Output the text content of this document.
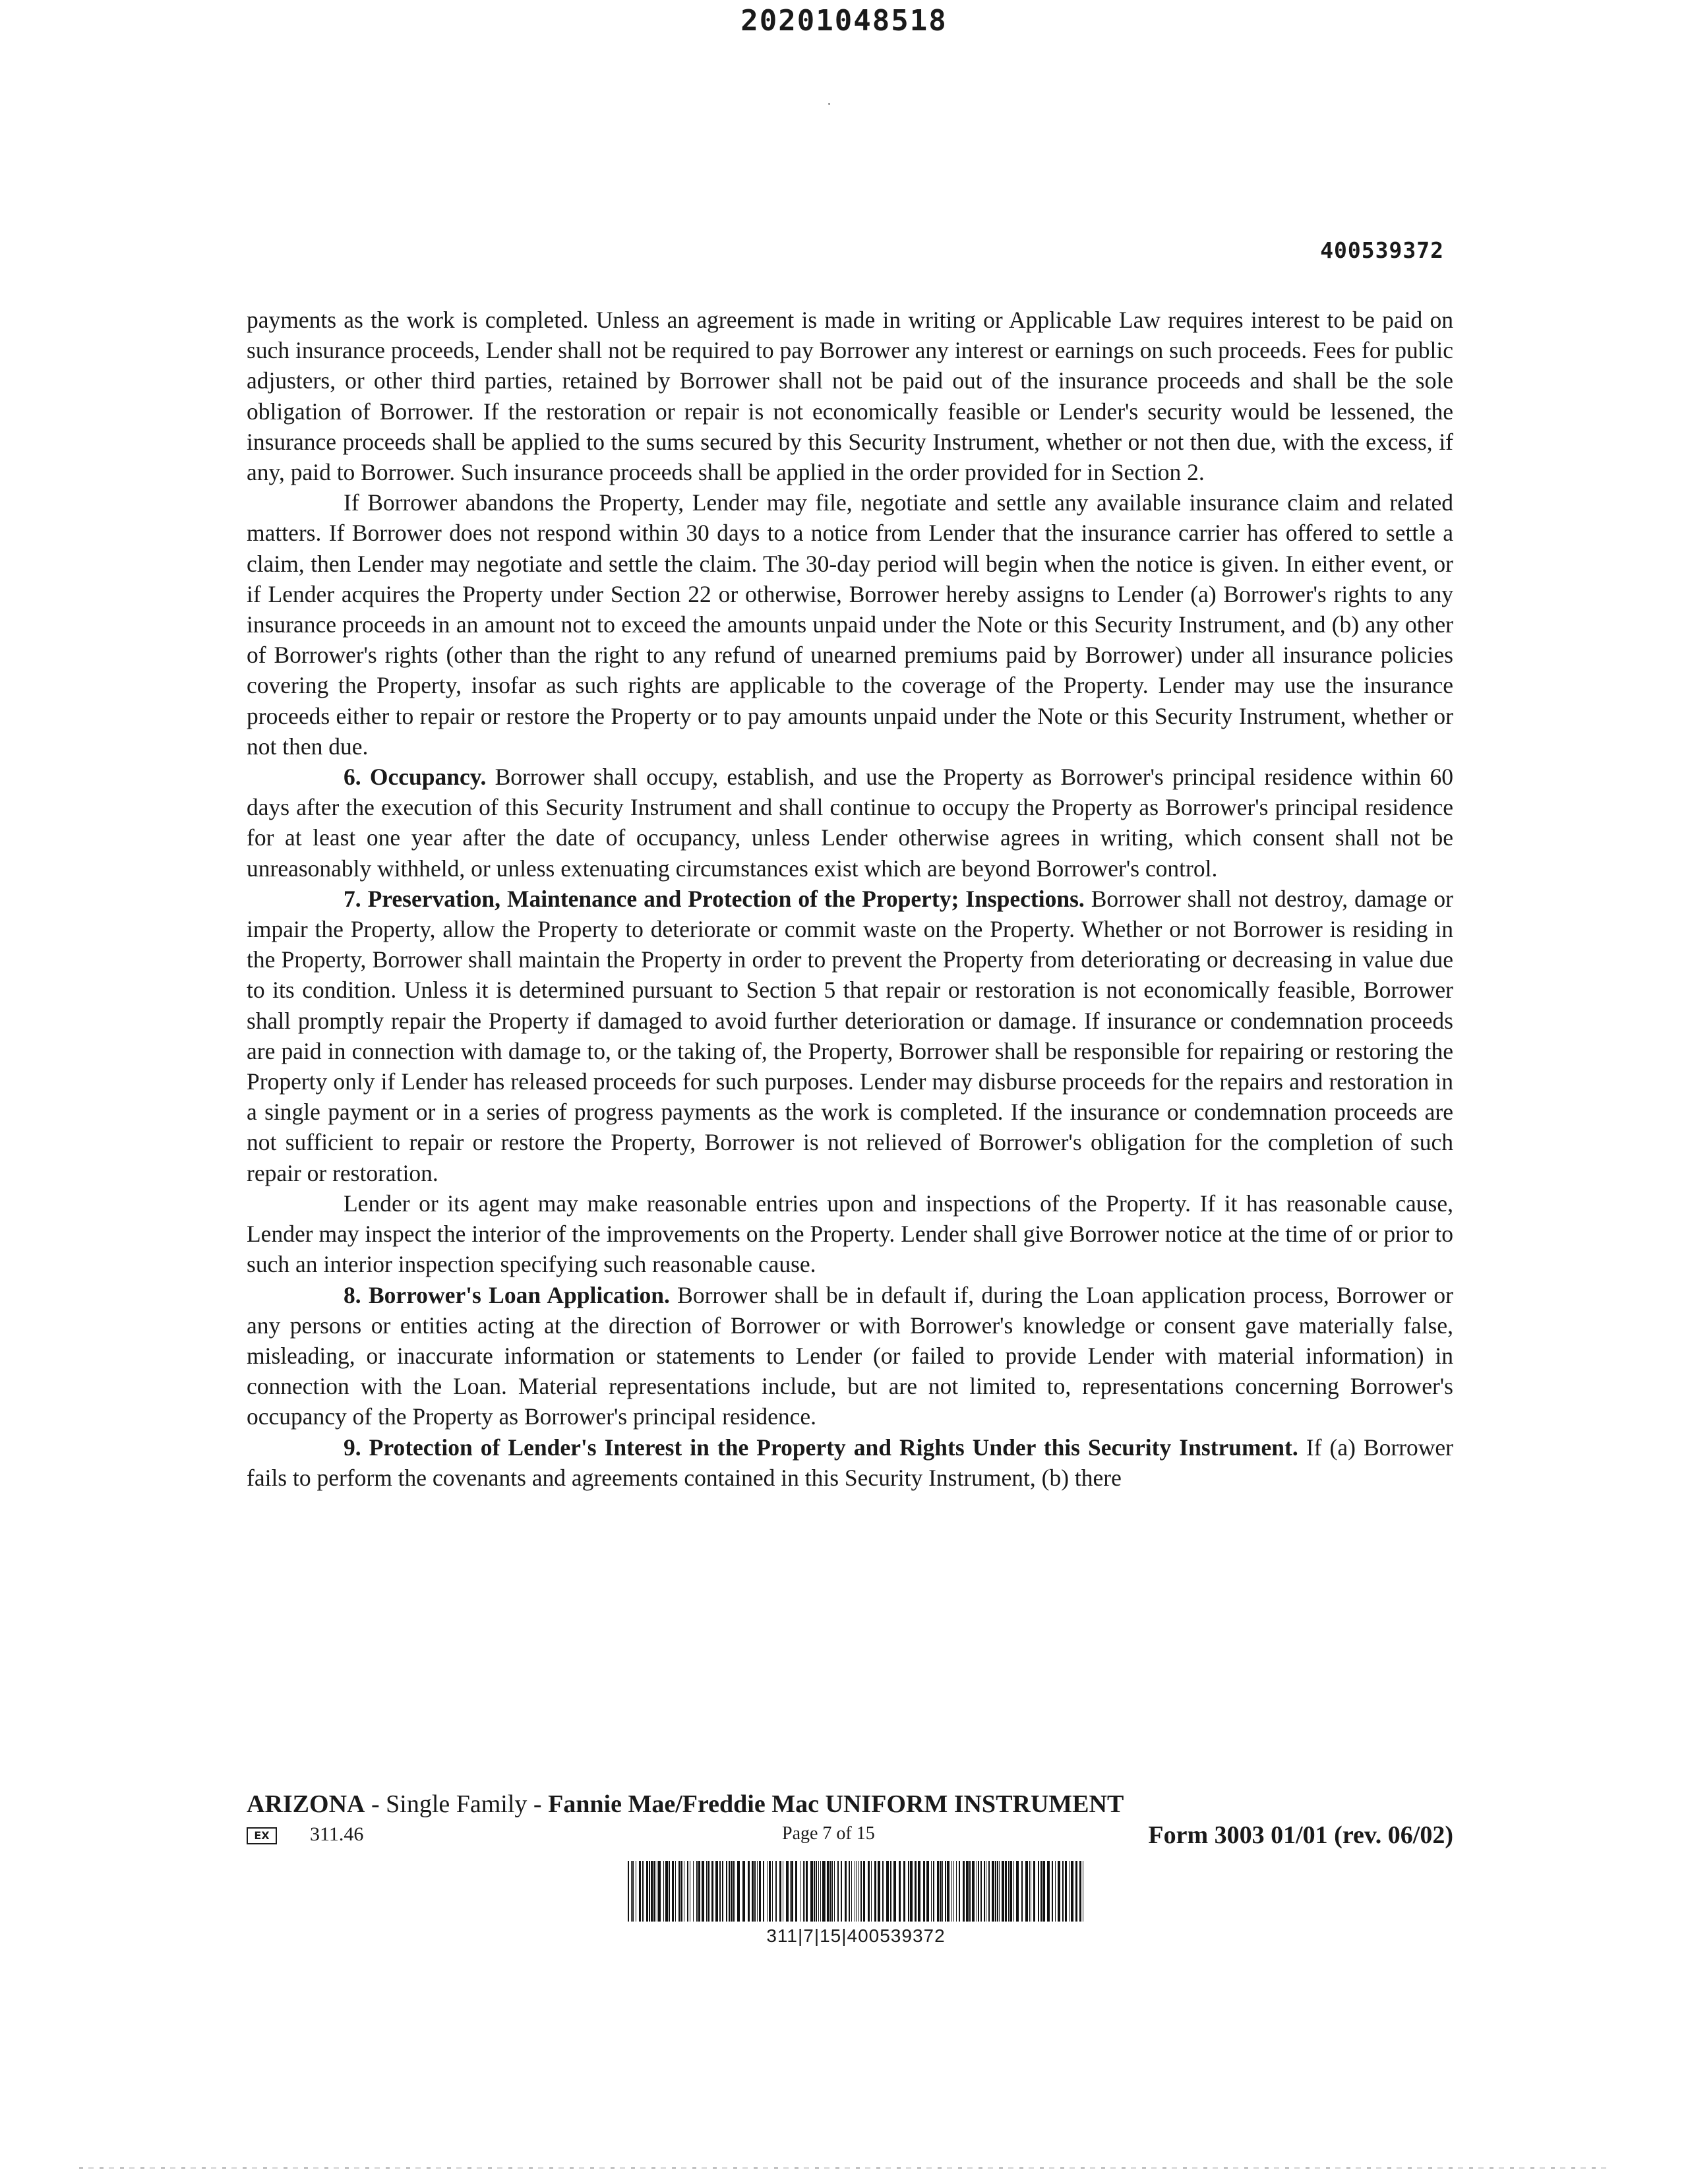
20201048518
400539372

payments as the work is completed. Unless an agreement is made in writing or Applicable Law requires interest to be paid on such insurance proceeds, Lender shall not be required to pay Borrower any interest or earnings on such proceeds. Fees for public adjusters, or other third parties, retained by Borrower shall not be paid out of the insurance proceeds and shall be the sole obligation of Borrower. If the restoration or repair is not economically feasible or Lender's security would be lessened, the insurance proceeds shall be applied to the sums secured by this Security Instrument, whether or not then due, with the excess, if any, paid to Borrower. Such insurance proceeds shall be applied in the order provided for in Section 2.

If Borrower abandons the Property, Lender may file, negotiate and settle any available insurance claim and related matters. If Borrower does not respond within 30 days to a notice from Lender that the insurance carrier has offered to settle a claim, then Lender may negotiate and settle the claim. The 30-day period will begin when the notice is given. In either event, or if Lender acquires the Property under Section 22 or otherwise, Borrower hereby assigns to Lender (a) Borrower's rights to any insurance proceeds in an amount not to exceed the amounts unpaid under the Note or this Security Instrument, and (b) any other of Borrower's rights (other than the right to any refund of unearned premiums paid by Borrower) under all insurance policies covering the Property, insofar as such rights are applicable to the coverage of the Property. Lender may use the insurance proceeds either to repair or restore the Property or to pay amounts unpaid under the Note or this Security Instrument, whether or not then due.

6. Occupancy. Borrower shall occupy, establish, and use the Property as Borrower's principal residence within 60 days after the execution of this Security Instrument and shall continue to occupy the Property as Borrower's principal residence for at least one year after the date of occupancy, unless Lender otherwise agrees in writing, which consent shall not be unreasonably withheld, or unless extenuating circumstances exist which are beyond Borrower's control.

7. Preservation, Maintenance and Protection of the Property; Inspections. Borrower shall not destroy, damage or impair the Property, allow the Property to deteriorate or commit waste on the Property. Whether or not Borrower is residing in the Property, Borrower shall maintain the Property in order to prevent the Property from deteriorating or decreasing in value due to its condition. Unless it is determined pursuant to Section 5 that repair or restoration is not economically feasible, Borrower shall promptly repair the Property if damaged to avoid further deterioration or damage. If insurance or condemnation proceeds are paid in connection with damage to, or the taking of, the Property, Borrower shall be responsible for repairing or restoring the Property only if Lender has released proceeds for such purposes. Lender may disburse proceeds for the repairs and restoration in a single payment or in a series of progress payments as the work is completed. If the insurance or condemnation proceeds are not sufficient to repair or restore the Property, Borrower is not relieved of Borrower's obligation for the completion of such repair or restoration.

Lender or its agent may make reasonable entries upon and inspections of the Property. If it has reasonable cause, Lender may inspect the interior of the improvements on the Property. Lender shall give Borrower notice at the time of or prior to such an interior inspection specifying such reasonable cause.

8. Borrower's Loan Application. Borrower shall be in default if, during the Loan application process, Borrower or any persons or entities acting at the direction of Borrower or with Borrower's knowledge or consent gave materially false, misleading, or inaccurate information or statements to Lender (or failed to provide Lender with material information) in connection with the Loan. Material representations include, but are not limited to, representations concerning Borrower's occupancy of the Property as Borrower's principal residence.

9. Protection of Lender's Interest in the Property and Rights Under this Security Instrument. If (a) Borrower fails to perform the covenants and agreements contained in this Security Instrument, (b) there

ARIZONA - Single Family - Fannie Mae/Freddie Mac UNIFORM INSTRUMENT
EX	311.46	Page 7 of 15	Form 3003 01/01 (rev. 06/02)
311|7|15|400539372
